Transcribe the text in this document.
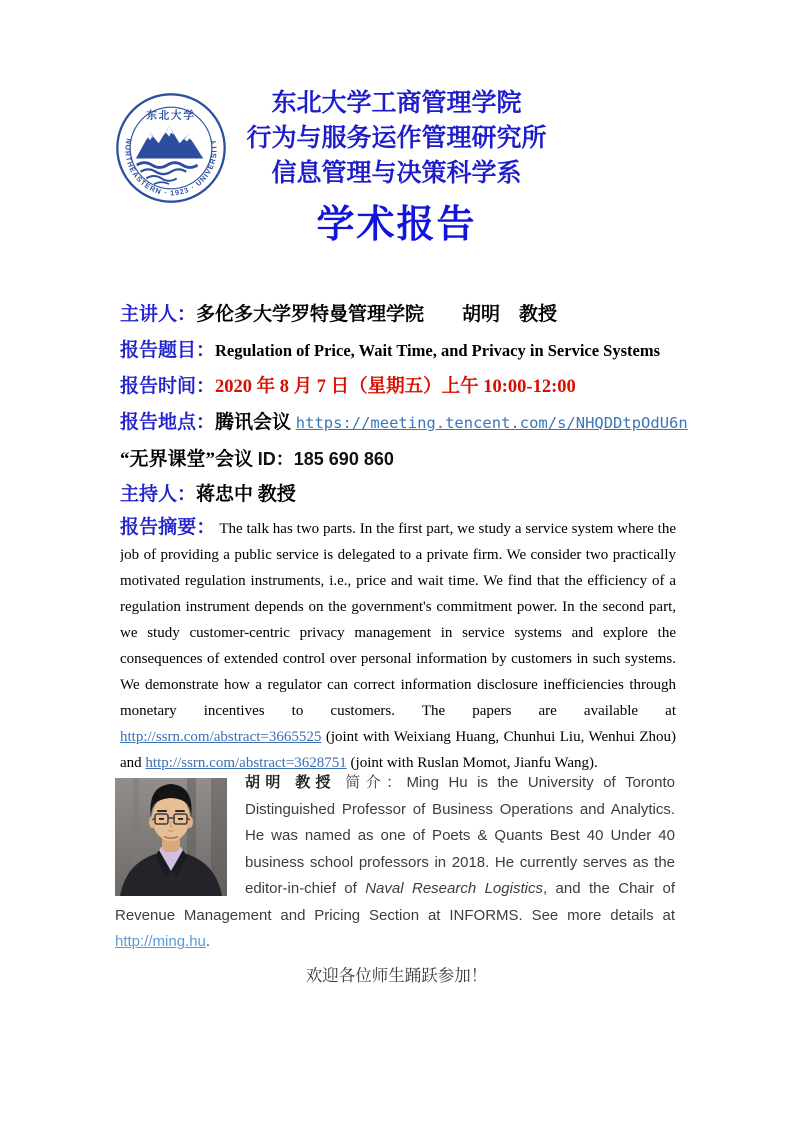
NORTHEASTERN · 1923 · UNIVERSITY
东北大学	东北大学工商管理学院
行为与服务运作管理研究所
信息管理与决策科学系
学术报告
主讲人：多伦多大学罗特曼管理学院　　胡明　教授
报告题目：Regulation of Price, Wait Time, and Privacy in Service Systems
报告时间：2020 年 8 月 7 日（星期五）上午 10:00-12:00
报告地点：腾讯会议 https://meeting.tencent.com/s/NHQDDtpOdU6n
“无界课堂”会议 ID：185 690 860
主持人：蒋忠中 教授

报告摘要： The talk has two parts. In the first part, we study a service system where the job of providing a public service is delegated to a private firm. We consider two practically motivated regulation instruments, i.e., price and wait time. We find that the efficiency of a regulation instrument depends on the government's commitment power. In the second part, we study customer-centric privacy management in service systems and explore the consequences of extended control over personal information by customers in such systems. We demonstrate how a regulator can correct information disclosure inefficiencies through monetary incentives to customers. The papers are available at http://ssrn.com/abstract=3665525 (joint with Weixiang Huang, Chunhui Liu, Wenhui Zhou) and http://ssrn.com/abstract=3628751 (joint with Ruslan Momot, Jianfu Wang).

胡明 教授 简介：Ming Hu is the University of Toronto Distinguished Professor of Business Operations and Analytics. He was named as one of Poets & Quants Best 40 Under 40 business school professors in 2018. He currently serves as the editor-in-chief of Naval Research Logistics, and the Chair of Revenue Management and Pricing Section at INFORMS. See more details at http://ming.hu.

欢迎各位师生踊跃参加！
